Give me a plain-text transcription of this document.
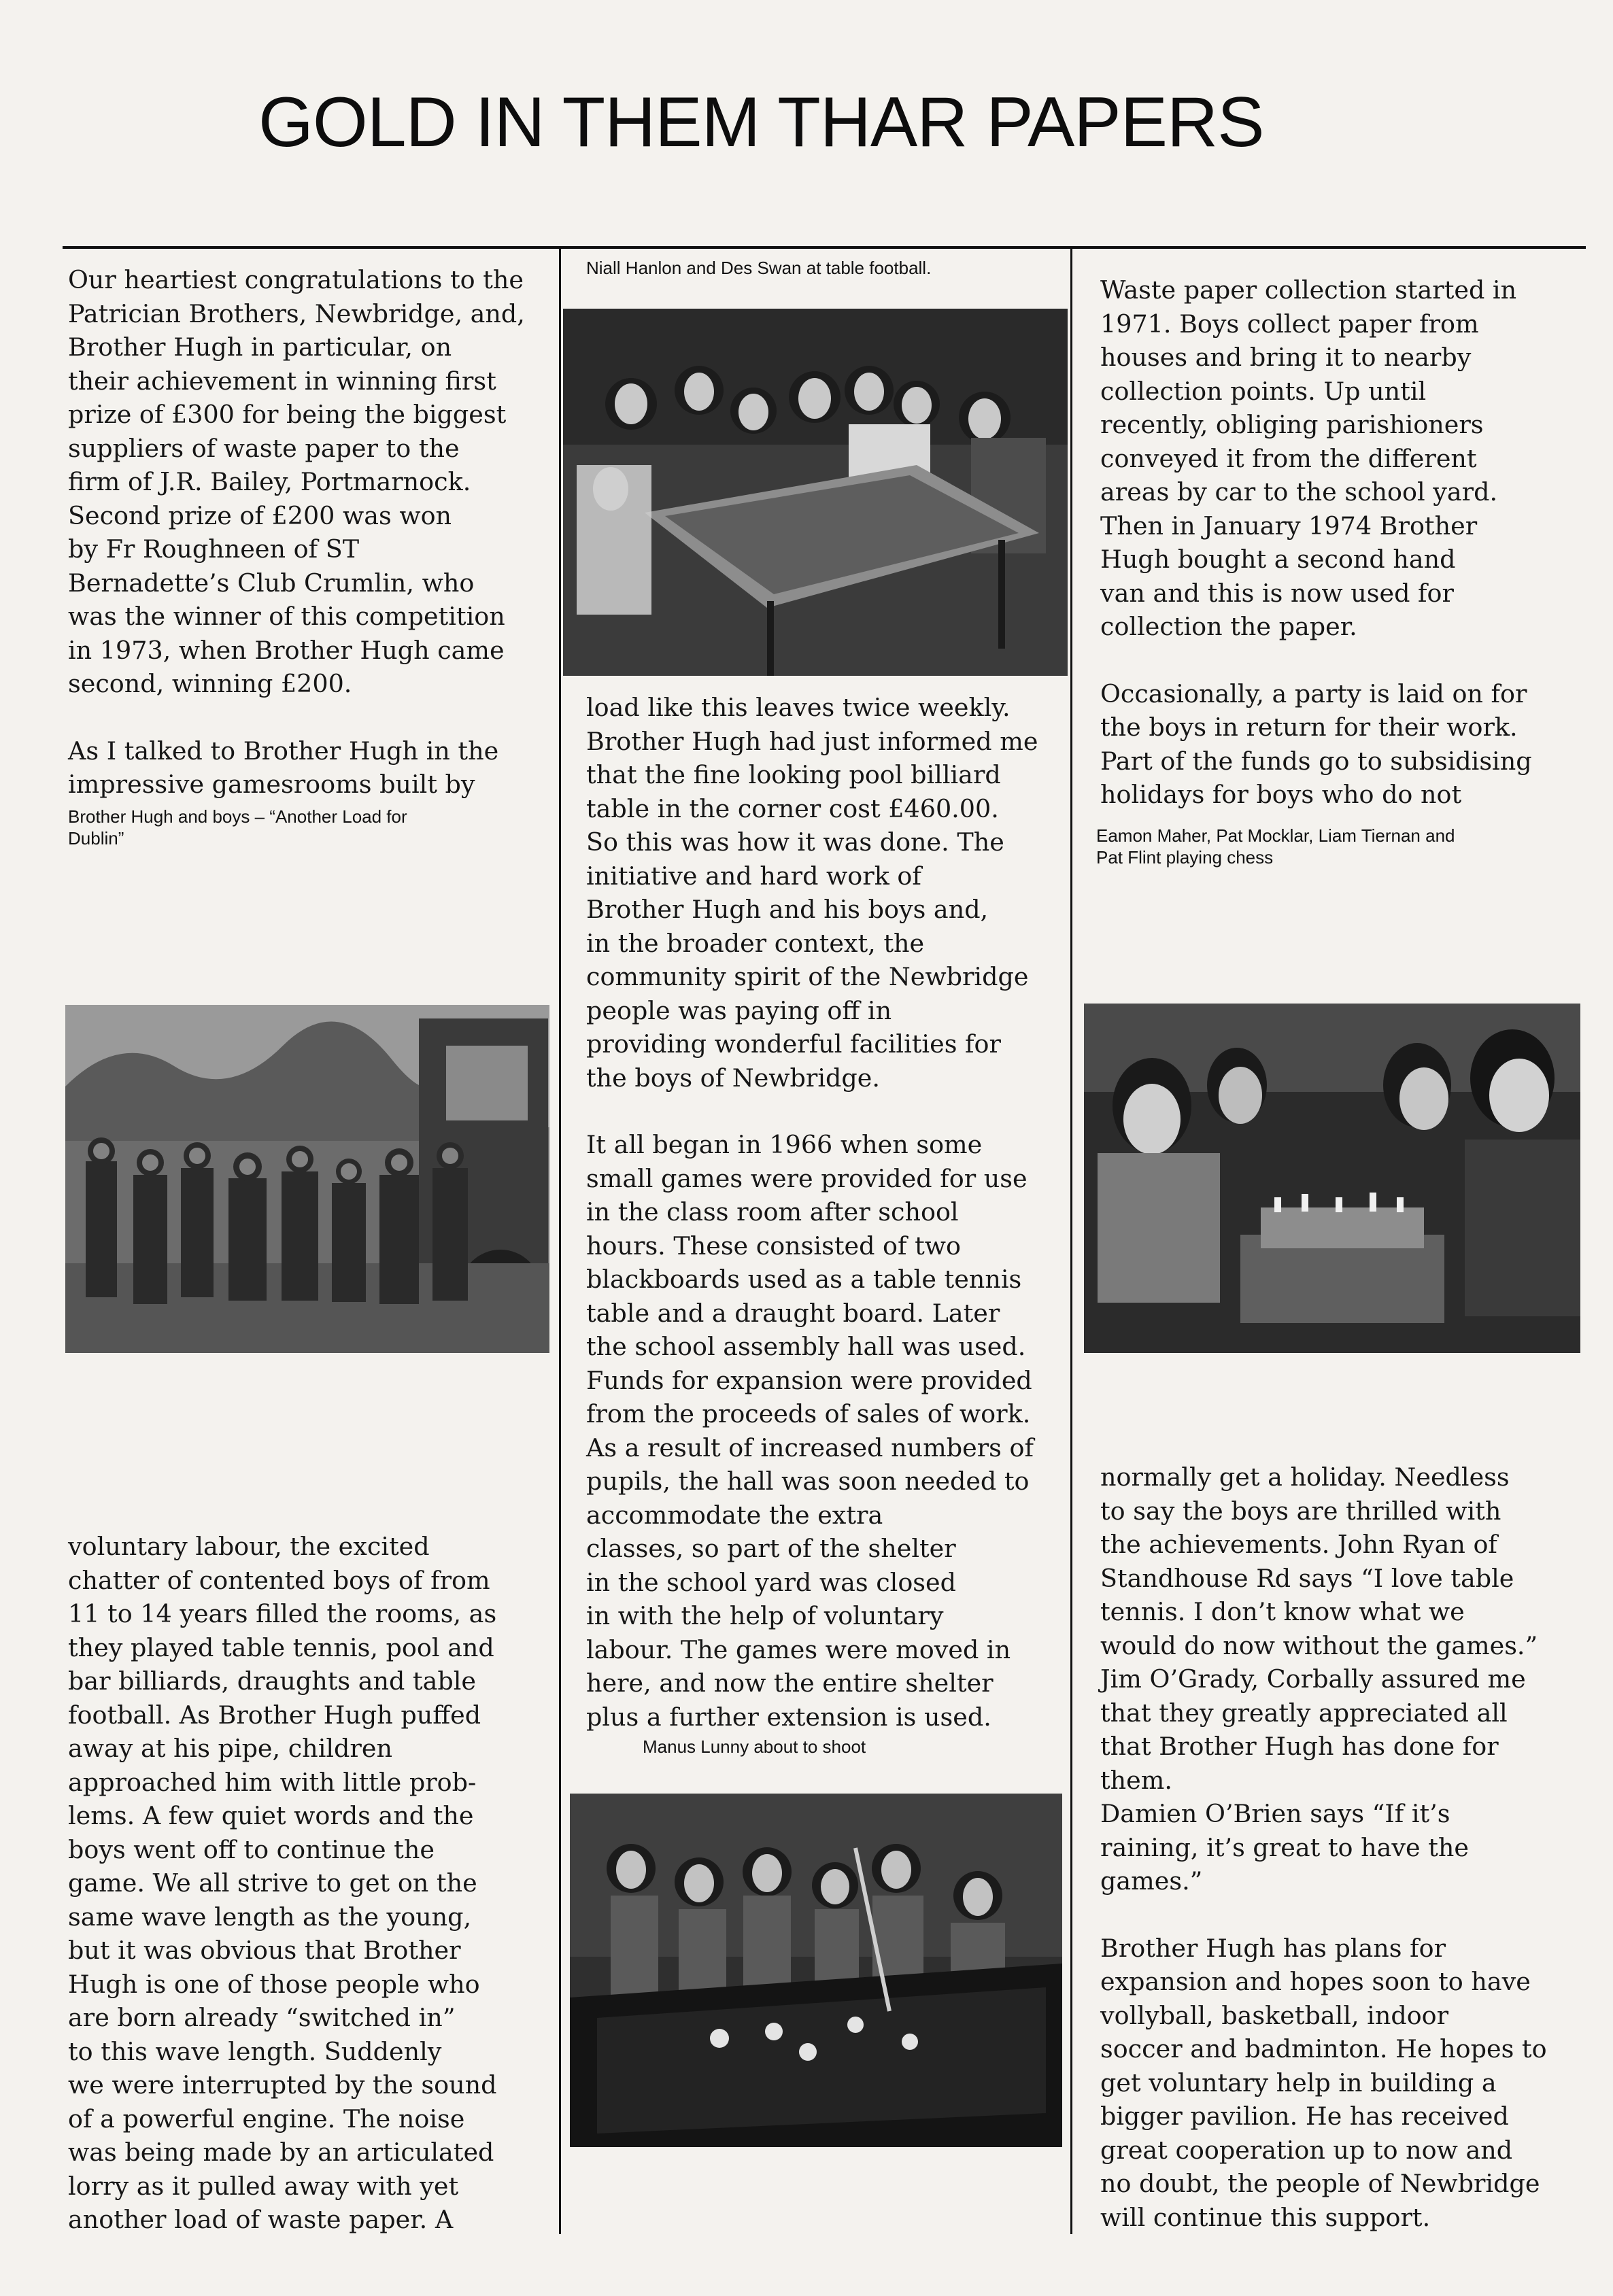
GOLD IN THEM THAR PAPERS

Our heartiest congratulations to the

Patrician Brothers, Newbridge, and,

Brother Hugh in particular, on

their achievement in winning first

prize of £300 for being the biggest

suppliers of waste paper to the

firm of J.R. Bailey, Portmarnock.

Second prize of £200 was won

by Fr Roughneen of ST

Bernadette’s Club Crumlin, who

was the winner of this competition

in 1973, when Brother Hugh came

second, winning £200.

As I talked to Brother Hugh in the

impressive gamesrooms built by

Brother Hugh and boys – “Another Load for
Dublin”

voluntary labour, the excited

chatter of contented boys of from

11 to 14 years filled the rooms, as

they played table tennis, pool and

bar billiards, draughts and table

football. As Brother Hugh puffed

away at his pipe, children

approached him with little prob-

lems. A few quiet words and the

boys went off to continue the

game. We all strive to get on the

same wave length as the young,

but it was obvious that Brother

Hugh is one of those people who

are born already “switched in”

to this wave length. Suddenly

we were interrupted by the sound

of a powerful engine. The noise

was being made by an articulated

lorry as it pulled away with yet

another load of waste paper. A

Niall Hanlon and Des Swan at table football.

load like this leaves twice weekly.

Brother Hugh had just informed me

that the fine looking pool billiard

table in the corner cost £460.00.

So this was how it was done. The

initiative and hard work of

Brother Hugh and his boys and,

in the broader context, the

community spirit of the Newbridge

people was paying off in

providing wonderful facilities for

the boys of Newbridge.

It all began in 1966 when some

small games were provided for use

in the class room after school

hours. These consisted of two

blackboards used as a table tennis

table and a draught board. Later

the school assembly hall was used.

Funds for expansion were provided

from the proceeds of sales of work.

As a result of increased numbers of

pupils, the hall was soon needed to

accommodate the extra

classes, so part of the shelter

in the school yard was closed

in with the help of voluntary

labour. The games were moved in

here, and now the entire shelter

plus a further extension is used.

Manus Lunny about to shoot

Waste paper collection started in

1971. Boys collect paper from

houses and bring it to nearby

collection points. Up until

recently, obliging parishioners

conveyed it from the different

areas by car to the school yard.

Then in January 1974 Brother

Hugh bought a second hand

van and this is now used for

collection the paper.

Occasionally, a party is laid on for

the boys in return for their work.

Part of the funds go to subsidising

holidays for boys who do not

Eamon Maher, Pat Mocklar, Liam Tiernan and
Pat Flint playing chess

normally get a holiday. Needless

to say the boys are thrilled with

the achievements. John Ryan of

Standhouse Rd says “I love table

tennis. I don’t know what we

would do now without the games.”

Jim O’Grady, Corbally assured me

that they greatly appreciated all

that Brother Hugh has done for

them.

Damien O’Brien says “If it’s

raining, it’s great to have the

games.”

Brother Hugh has plans for

expansion and hopes soon to have

vollyball, basketball, indoor

soccer and badminton. He hopes to

get voluntary help in building a

bigger pavilion. He has received

great cooperation up to now and

no doubt, the people of Newbridge

will continue this support.
